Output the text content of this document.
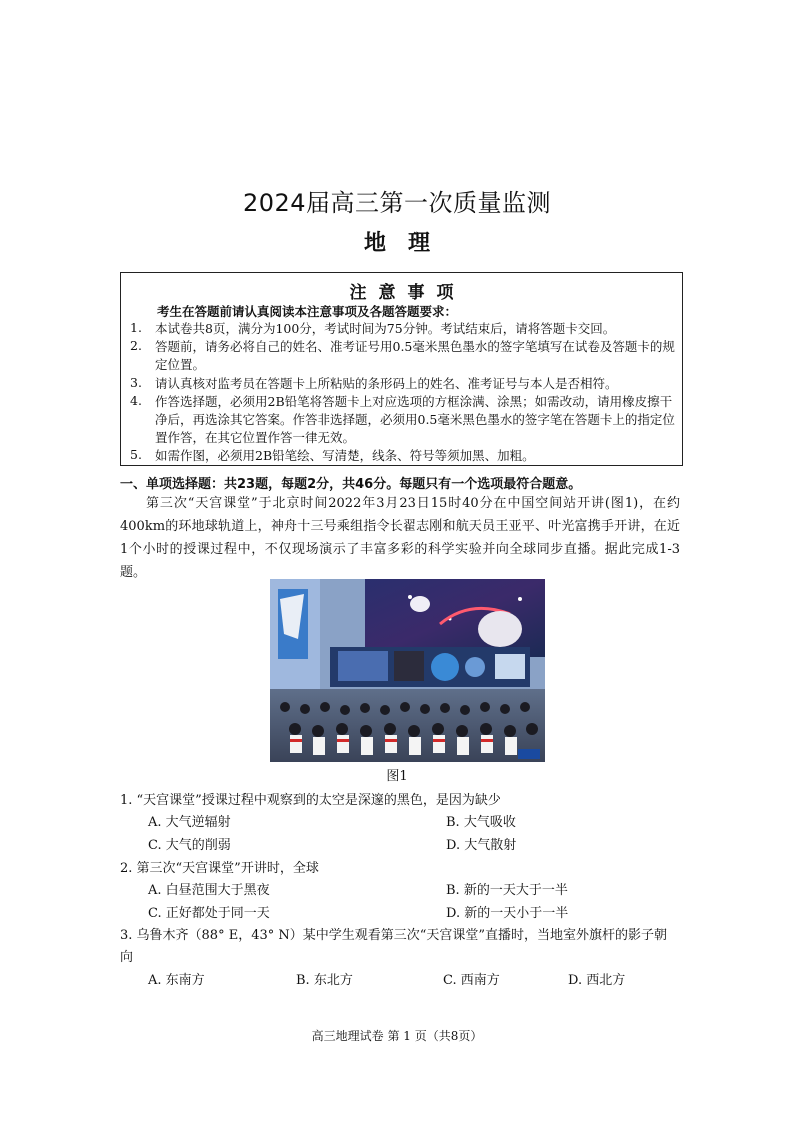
2024届高三第一次质量监测
地理
注意事项
考生在答题前请认真阅读本注意事项及各题答题要求：
1. 本试卷共8页，满分为100分，考试时间为75分钟。考试结束后，请将答题卡交回。
2. 答题前，请务必将自己的姓名、准考证号用0.5毫米黑色墨水的签字笔填写在试卷及答题卡的规定位置。
3. 请认真核对监考员在答题卡上所粘贴的条形码上的姓名、准考证号与本人是否相符。
4. 作答选择题，必须用2B铅笔将答题卡上对应选项的方框涂满、涂黑；如需改动，请用橡皮擦干净后，再选涂其它答案。作答非选择题，必须用0.5毫米黑色墨水的签字笔在答题卡上的指定位置作答，在其它位置作答一律无效。
5. 如需作图，必须用2B铅笔绘、写清楚，线条、符号等须加黑、加粗。
一、单项选择题：共23题，每题2分，共46分。每题只有一个选项最符合题意。
第三次“天宫课堂”于北京时间2022年3月23日15时40分在中国空间站开讲(图1)，在约400km的环地球轨道上，神舟十三号乘组指令长翟志刚和航天员王亚平、叶光富携手开讲，在近1个小时的授课过程中，不仅现场演示了丰富多彩的科学实验并向全球同步直播。据此完成1-3题。
图1
1. “天宫课堂”授课过程中观察到的太空是深邃的黑色，是因为缺少
A. 大气逆辐射	B. 大气吸收
C. 大气的削弱	D. 大气散射
2. 第三次“天宫课堂”开讲时，全球
A. 白昼范围大于黑夜	B. 新的一天大于一半
C. 正好都处于同一天	D. 新的一天小于一半
3. 乌鲁木齐（88° E，43° N）某中学生观看第三次“天宫课堂”直播时，当地室外旗杆的影子朝向
A. 东南方	B. 东北方	C. 西南方	D. 西北方
高三地理试卷 第 1 页（共8页）
